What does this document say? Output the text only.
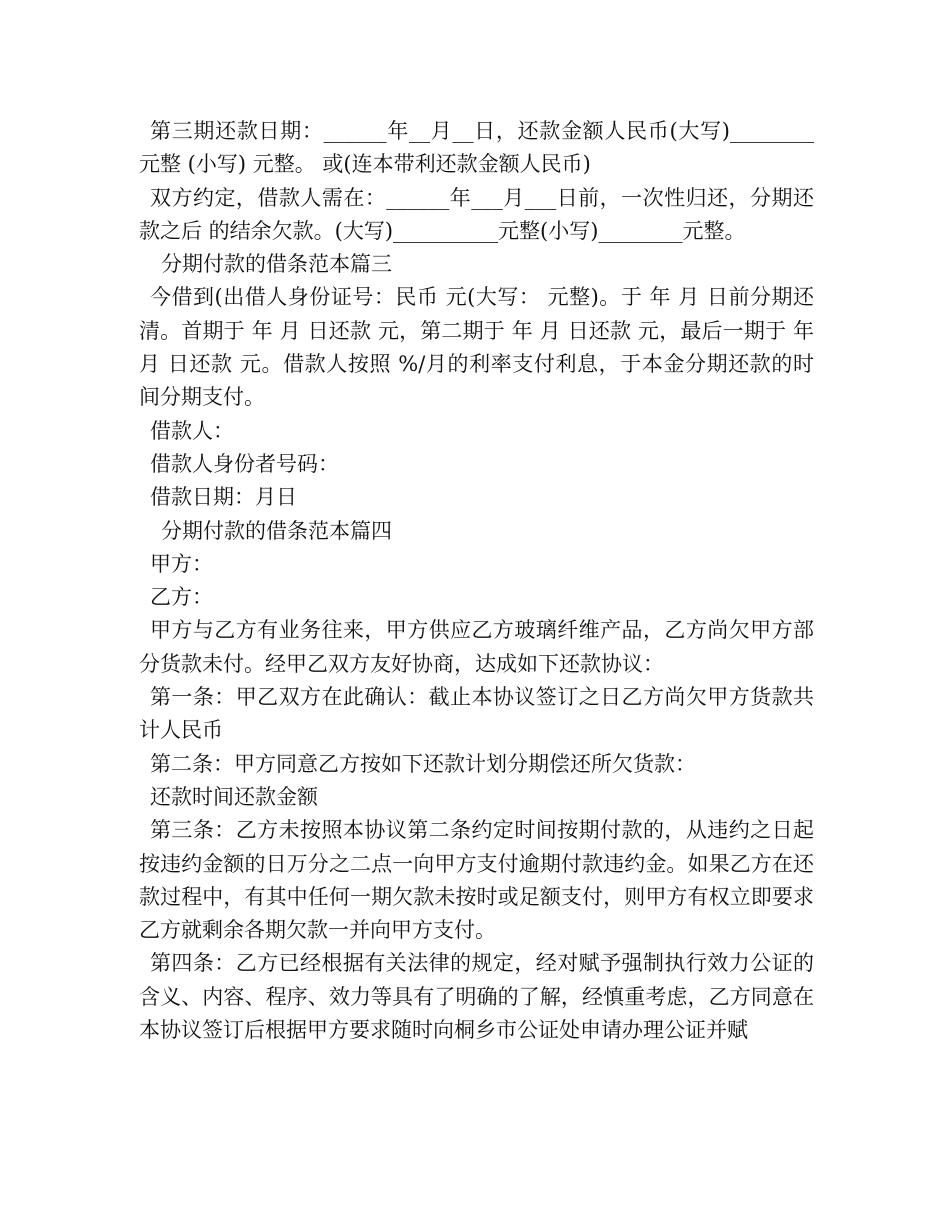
第三期还款日期：______年__月__日，还款金额人民币(大写)________元整 (小写) 元整。 或(连本带利还款金额人民币)

双方约定，借款人需在：______年___月___日前，一次性归还，分期还款之后 的结余欠款。(大写)__________元整(小写)________元整。

分期付款的借条范本篇三

今借到(出借人身份证号：民币 元(大写： 元整)。于 年 月 日前分期还清。首期于 年 月 日还款 元，第二期于 年 月 日还款 元，最后一期于 年 月 日还款 元。借款人按照 %/月的利率支付利息，于本金分期还款的时间分期支付。

借款人：

借款人身份者号码：

借款日期：月日

分期付款的借条范本篇四

甲方：

乙方：

甲方与乙方有业务往来，甲方供应乙方玻璃纤维产品，乙方尚欠甲方部分货款未付。经甲乙双方友好协商，达成如下还款协议：

第一条：甲乙双方在此确认：截止本协议签订之日乙方尚欠甲方货款共计人民币

第二条：甲方同意乙方按如下还款计划分期偿还所欠货款：

还款时间还款金额

第三条：乙方未按照本协议第二条约定时间按期付款的，从违约之日起按违约金额的日万分之二点一向甲方支付逾期付款违约金。如果乙方在还款过程中，有其中任何一期欠款未按时或足额支付，则甲方有权立即要求乙方就剩余各期欠款一并向甲方支付。

第四条：乙方已经根据有关法律的规定，经对赋予强制执行效力公证的含义、内容、程序、效力等具有了明确的了解，经慎重考虑，乙方同意在本协议签订后根据甲方要求随时向桐乡市公证处申请办理公证并赋
